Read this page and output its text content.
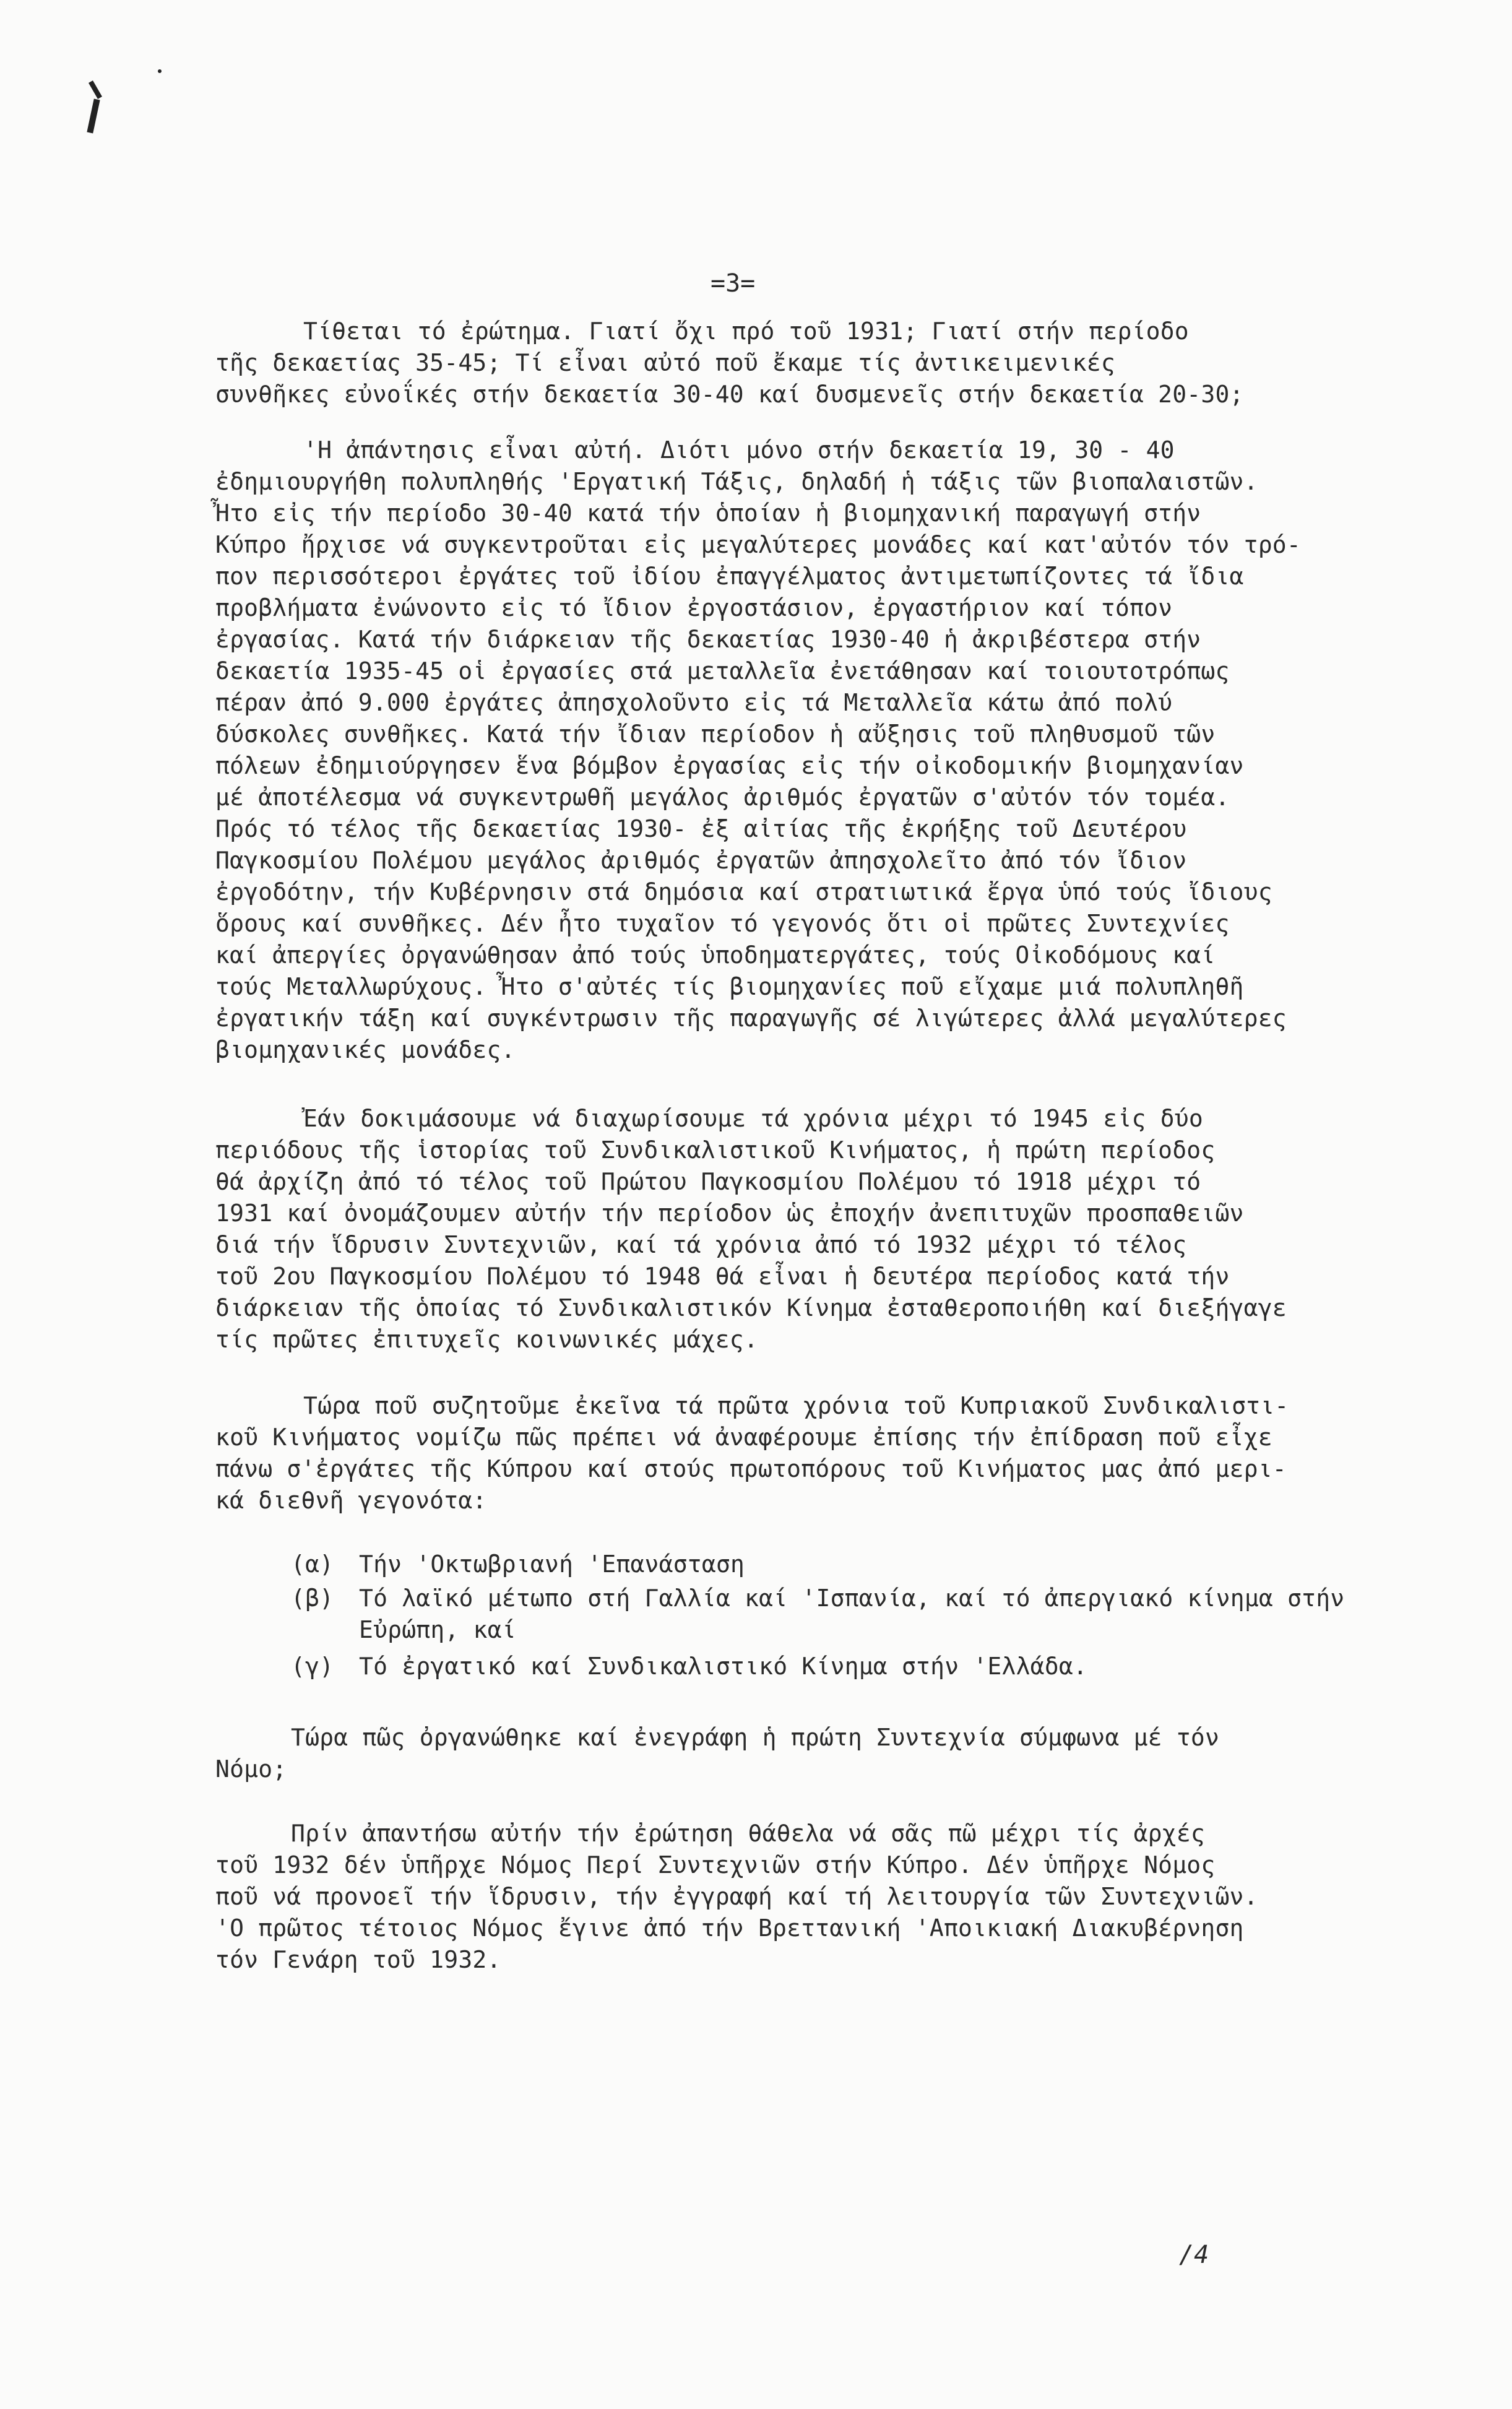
=3=
Τίθεται τό ἐρώτημα. Γιατί ὄχι πρό τοῦ 1931; Γιατί στήν περίοδο
τῆς δεκαετίας 35-45; Τί εἶναι αὐτό ποῦ ἔκαμε τίς ἀντικειμενικές
συνθῆκες εὐνοΐκές στήν δεκαετία 30-40 καί δυσμενεῖς στήν δεκαετία 20-30;
'Η ἀπάντησις εἶναι αὐτή. Διότι μόνο στήν δεκαετία 19, 30 - 40
ἐδημιουργήθη πολυπληθής 'Εργατική Τάξις, δηλαδή ἡ τάξις τῶν βιοπαλαιστῶν.
Ἦτο εἰς τήν περίοδο 30-40 κατά τήν ὁποίαν ἡ βιομηχανική παραγωγή στήν
Κύπρο ἤρχισε νά συγκεντροῦται εἰς μεγαλύτερες μονάδες καί κατ'αὐτόν τόν τρό-
πον περισσότεροι ἐργάτες τοῦ ἰδίου ἐπαγγέλματος ἀντιμετωπίζοντες τά ἴδια
προβλήματα ἐνώνοντο εἰς τό ἴδιον ἐργοστάσιον, ἐργαστήριον καί τόπον
ἐργασίας. Κατά τήν διάρκειαν τῆς δεκαετίας 1930-40 ἡ ἀκριβέστερα στήν
δεκαετία 1935-45 οἱ ἐργασίες στά μεταλλεῖα ἐνετάθησαν καί τοιουτοτρόπως
πέραν ἀπό 9.000 ἐργάτες ἀπησχολοῦντο εἰς τά Μεταλλεῖα κάτω ἀπό πολύ
δύσκολες συνθῆκες. Κατά τήν ἴδιαν περίοδον ἡ αὔξησις τοῦ πληθυσμοῦ τῶν
πόλεων ἐδημιούργησεν ἕνα βόμβον ἐργασίας εἰς τήν οἰκοδομικήν βιομηχανίαν
μέ ἀποτέλεσμα νά συγκεντρωθῆ μεγάλος ἀριθμός ἐργατῶν σ'αὐτόν τόν τομέα.
Πρός τό τέλος τῆς δεκαετίας 1930- ἐξ αἰτίας τῆς ἐκρήξης τοῦ Δευτέρου
Παγκοσμίου Πολέμου μεγάλος ἀριθμός ἐργατῶν ἀπησχολεῖτο ἀπό τόν ἴδιον
ἐργοδότην, τήν Κυβέρνησιν στά δημόσια καί στρατιωτικά ἔργα ὑπό τούς ἴδιους
ὅρους καί συνθῆκες. Δέν ἦτο τυχαῖον τό γεγονός ὅτι οἱ πρῶτες Συντεχνίες
καί ἀπεργίες ὀργανώθησαν ἀπό τούς ὑποδηματεργάτες, τούς Οἰκοδόμους καί
τούς Μεταλλωρύχους. Ἦτο σ'αὐτές τίς βιομηχανίες ποῦ εἴχαμε μιά πολυπληθῆ
ἐργατικήν τάξη καί συγκέντρωσιν τῆς παραγωγῆς σέ λιγώτερες ἀλλά μεγαλύτερες
βιομηχανικές μονάδες.
Ἐάν δοκιμάσουμε νά διαχωρίσουμε τά χρόνια μέχρι τό 1945 εἰς δύο
περιόδους τῆς ἱστορίας τοῦ Συνδικαλιστικοῦ Κινήματος, ἡ πρώτη περίοδος
θά ἀρχίζη ἀπό τό τέλος τοῦ Πρώτου Παγκοσμίου Πολέμου τό 1918 μέχρι τό
1931 καί ὀνομάζουμεν αὐτήν τήν περίοδον ὡς ἐποχήν ἀνεπιτυχῶν προσπαθειῶν
διά τήν ἵδρυσιν Συντεχνιῶν, καί τά χρόνια ἀπό τό 1932 μέχρι τό τέλος
τοῦ 2ου Παγκοσμίου Πολέμου τό 1948 θά εἶναι ἡ δευτέρα περίοδος κατά τήν
διάρκειαν τῆς ὁποίας τό Συνδικαλιστικόν Κίνημα ἐσταθεροποιήθη καί διεξήγαγε
τίς πρῶτες ἐπιτυχεῖς κοινωνικές μάχες.
Τώρα ποῦ συζητοῦμε ἐκεῖνα τά πρῶτα χρόνια τοῦ Κυπριακοῦ Συνδικαλιστι-
κοῦ Κινήματος νομίζω πῶς πρέπει νά ἀναφέρουμε ἐπίσης τήν ἐπίδραση ποῦ εἶχε
πάνω σ'ἐργάτες τῆς Κύπρου καί στούς πρωτοπόρους τοῦ Κινήματος μας ἀπό μερι-
κά διεθνῆ γεγονότα:
(α) Τήν 'Οκτωβριανή 'Επανάσταση
(β) Τό λαϊκό μέτωπο στή Γαλλία καί 'Ισπανία, καί τό ἀπεργιακό κίνημα στήν
Εὐρώπη, καί
(γ) Τό ἐργατικό καί Συνδικαλιστικό Κίνημα στήν 'Ελλάδα.
Τώρα πῶς ὀργανώθηκε καί ἐνεγράφη ἡ πρώτη Συντεχνία σύμφωνα μέ τόν
Νόμο;
Πρίν ἀπαντήσω αὐτήν τήν ἐρώτηση θάθελα νά σᾶς πῶ μέχρι τίς ἀρχές
τοῦ 1932 δέν ὑπῆρχε Νόμος Περί Συντεχνιῶν στήν Κύπρο. Δέν ὑπῆρχε Νόμος
ποῦ νά προνοεῖ τήν ἵδρυσιν, τήν ἐγγραφή καί τή λειτουργία τῶν Συντεχνιῶν.
'Ο πρῶτος τέτοιος Νόμος ἔγινε ἀπό τήν Βρεττανική 'Αποικιακή Διακυβέρνηση
τόν Γενάρη τοῦ 1932.
/4
